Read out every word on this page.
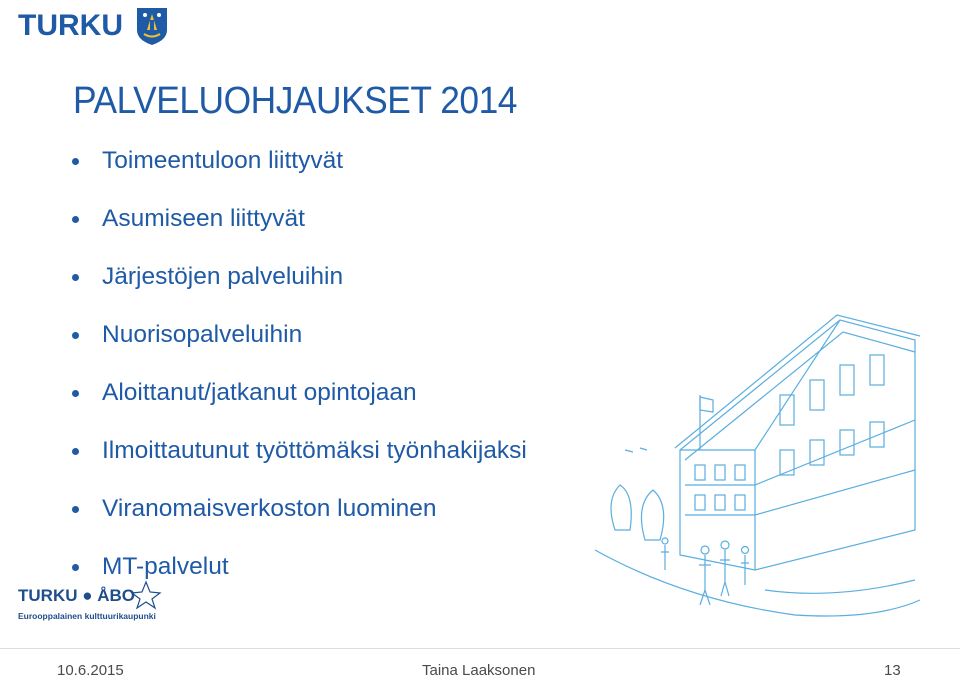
TURKU
PALVELUOHJAUKSET 2014
Toimeentuloon liittyvät
Asumiseen liittyvät
Järjestöjen palveluihin
Nuorisopalveluihin
Aloittanut/jatkanut opintojaan
Ilmoittautunut työttömäksi työnhakijaksi
Viranomaisverkoston luominen
MT-palvelut
TURKU ● ÅBO
Eurooppalainen kulttuurikaupunki
10.6.2015	Taina Laaksonen	13
